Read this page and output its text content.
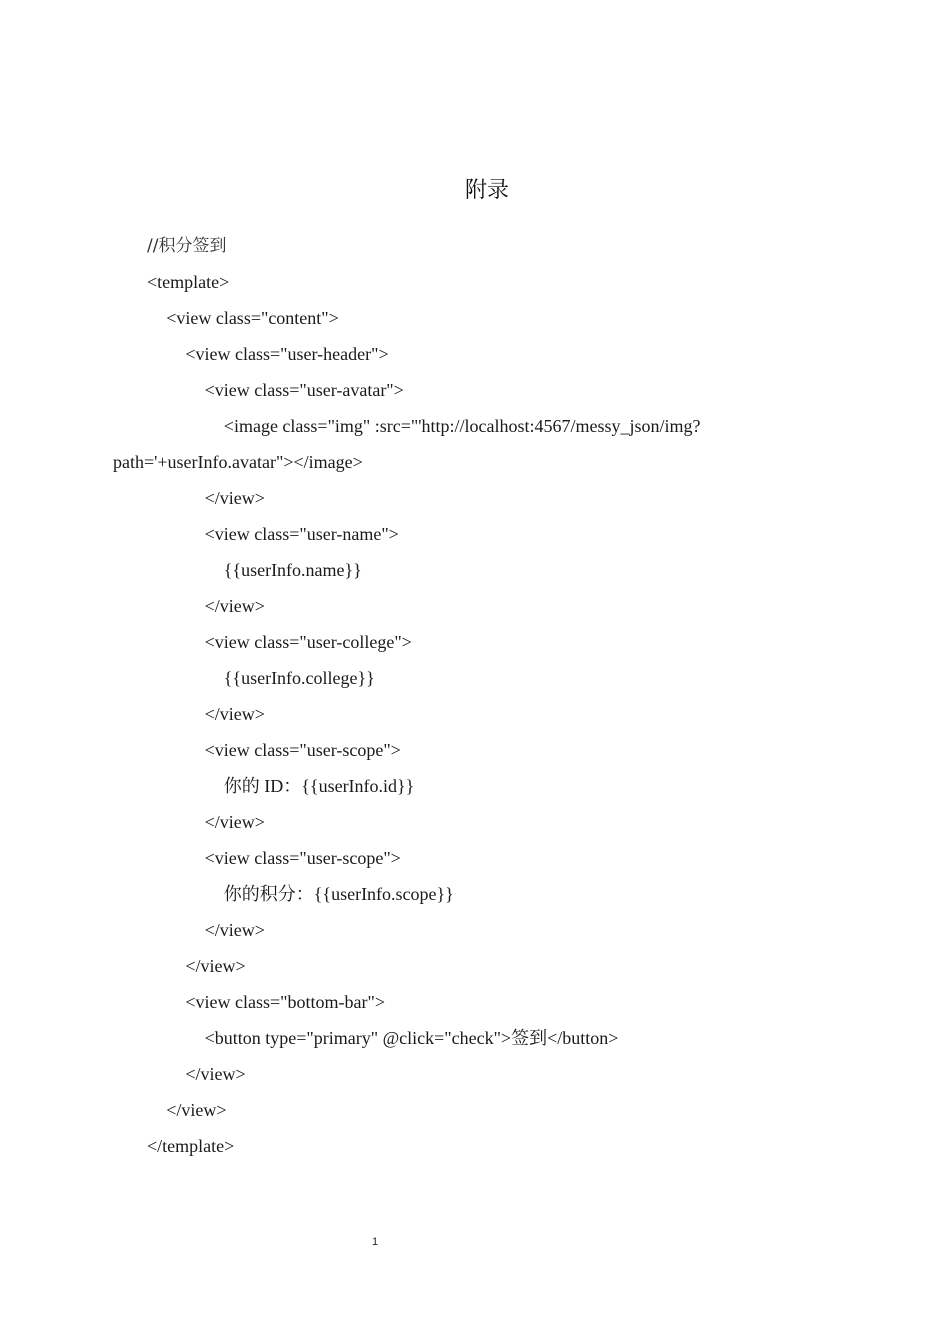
附录
//积分签到
<template>
<view class="content">
<view class="user-header">
<view class="user-avatar">
<image class="img" :src="'http://localhost:4567/messy_json/img?
path='+userInfo.avatar"></image>
</view>
<view class="user-name">
{{userInfo.name}}
</view>
<view class="user-college">
{{userInfo.college}}
</view>
<view class="user-scope">
你的 ID：{{userInfo.id}}
</view>
<view class="user-scope">
你的积分：{{userInfo.scope}}
</view>
</view>
<view class="bottom-bar">
<button type="primary" @click="check">签到</button>
</view>
</view>
</template>
1
